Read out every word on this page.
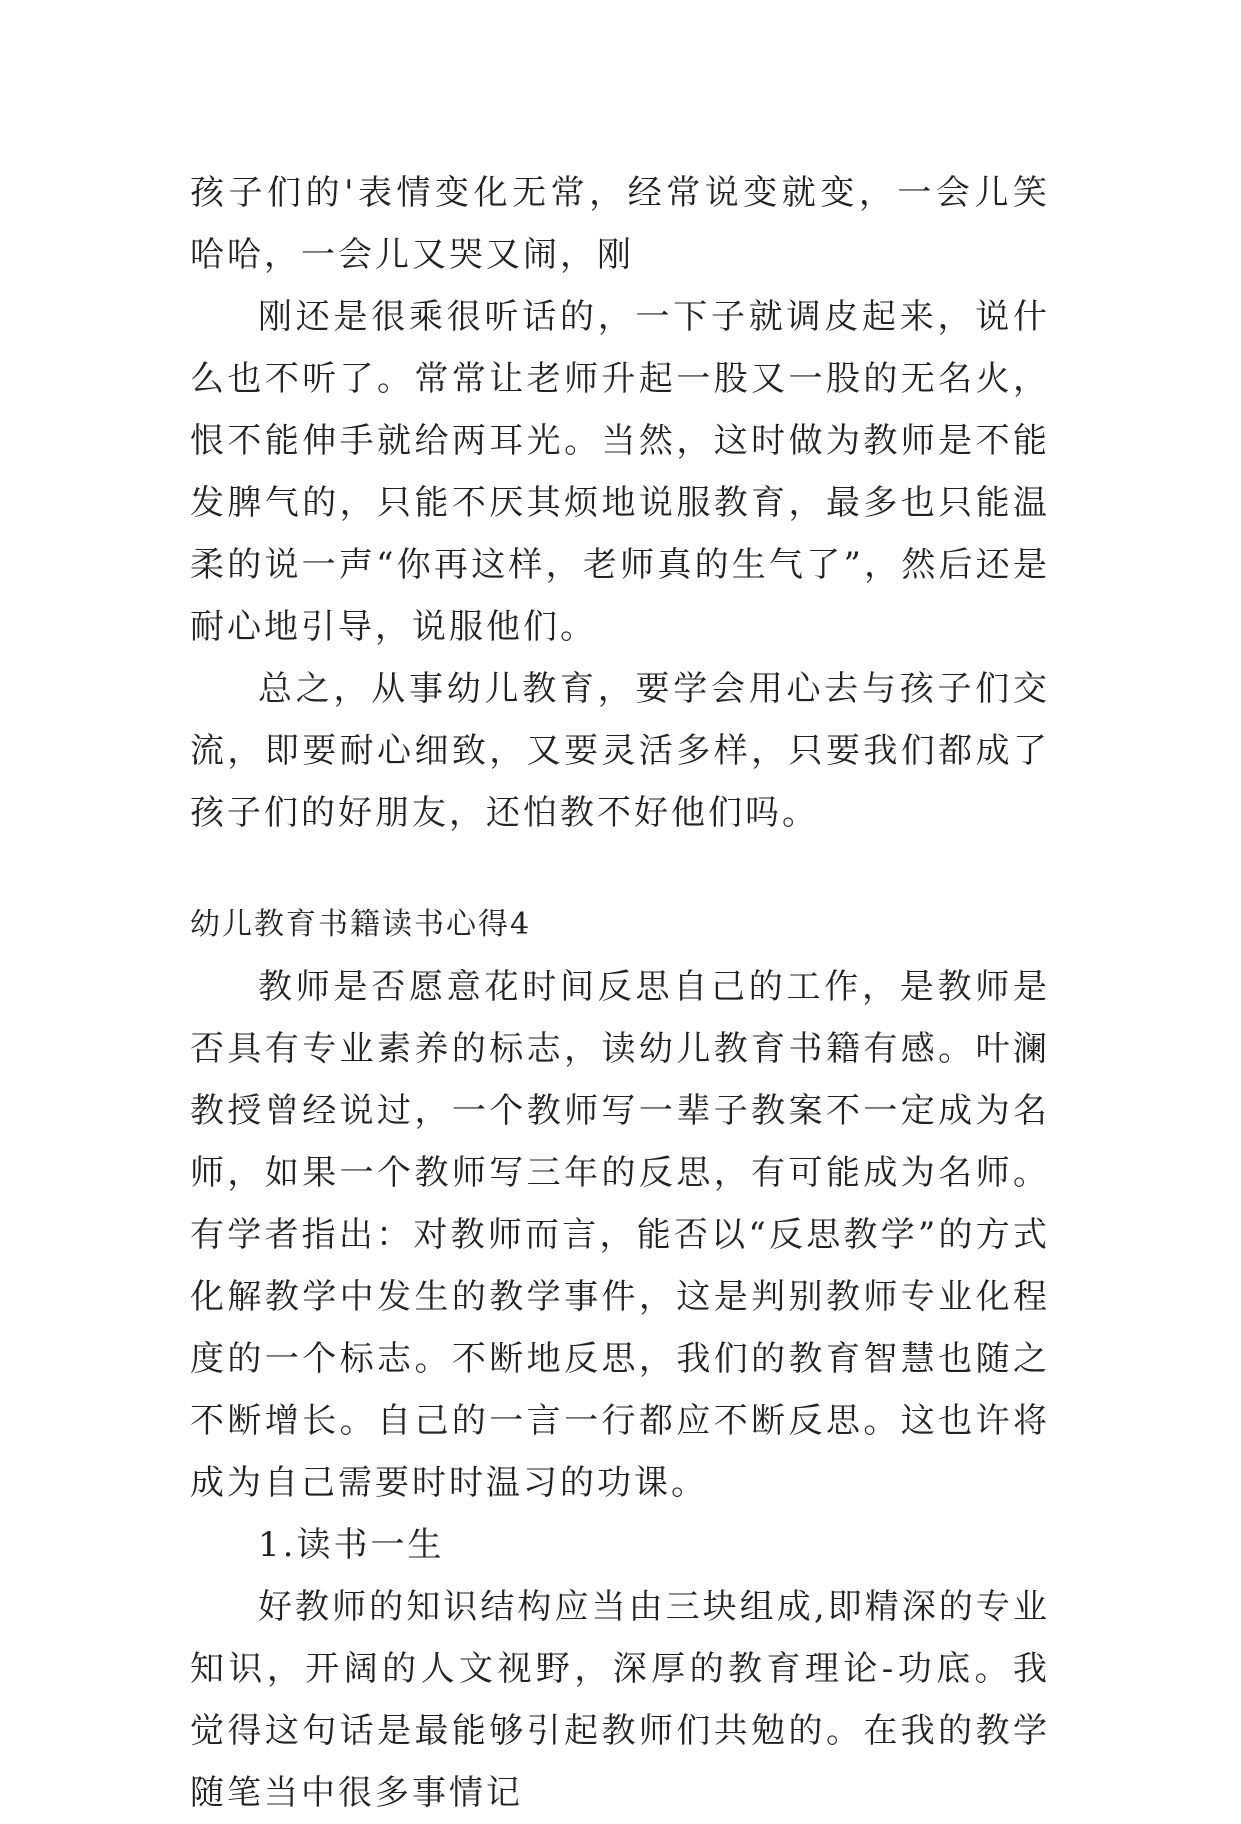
孩子们的'表情变化无常，经常说变就变，一会儿笑哈哈，一会儿又哭又闹，刚

刚还是很乘很听话的，一下子就调皮起来，说什么也不听了。常常让老师升起一股又一股的无名火，恨不能伸手就给两耳光。当然，这时做为教师是不能发脾气的，只能不厌其烦地说服教育，最多也只能温柔的说一声“你再这样，老师真的生气了”，然后还是耐心地引导，说服他们。

总之，从事幼儿教育，要学会用心去与孩子们交流，即要耐心细致，又要灵活多样，只要我们都成了孩子们的好朋友，还怕教不好他们吗。

幼儿教育书籍读书心得4

教师是否愿意花时间反思自己的工作，是教师是否具有专业素养的标志，读幼儿教育书籍有感。叶澜教授曾经说过，一个教师写一辈子教案不一定成为名师，如果一个教师写三年的反思，有可能成为名师。有学者指出：对教师而言，能否以“反思教学”的方式化解教学中发生的教学事件，这是判别教师专业化程度的一个标志。不断地反思，我们的教育智慧也随之不断增长。自己的一言一行都应不断反思。这也许将成为自己需要时时温习的功课。

1.读书一生

好教师的知识结构应当由三块组成,即精深的专业知识，开阔的人文视野，深厚的教育理论-功底。我觉得这句话是最能够引起教师们共勉的。在我的教学随笔当中很多事情记
